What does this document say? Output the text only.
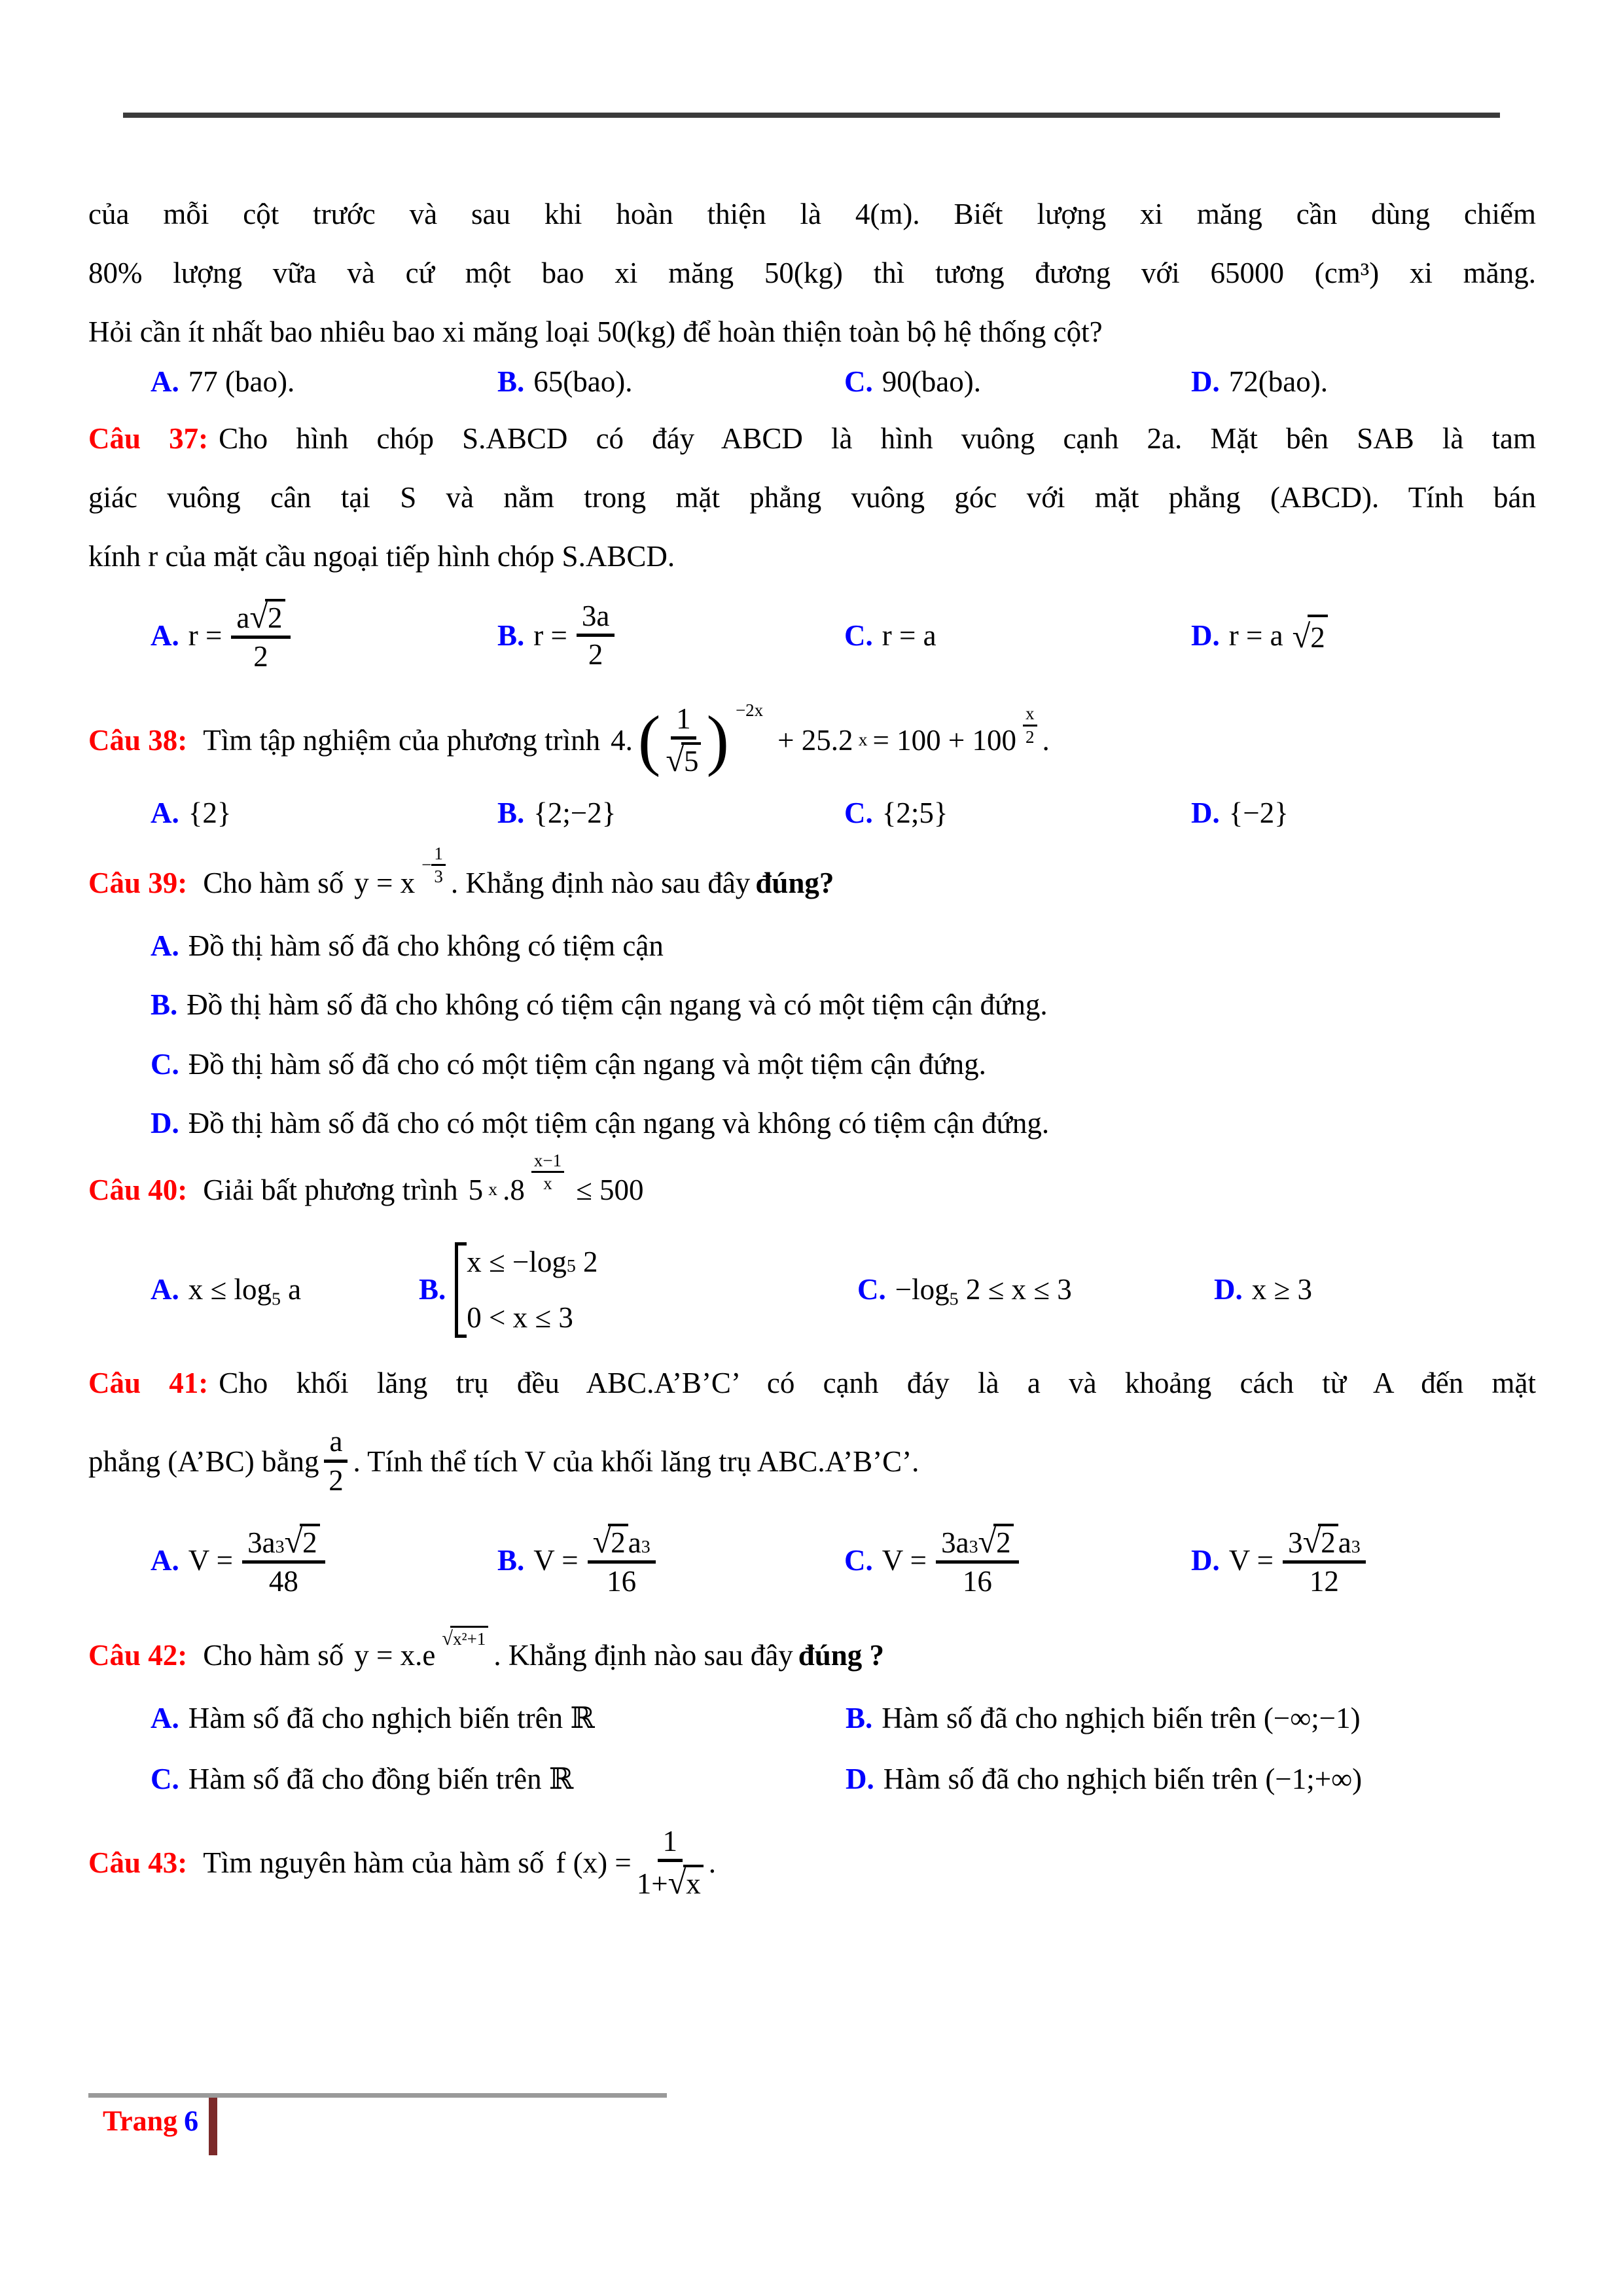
của mỗi cột trước và sau khi hoàn thiện là 4(m). Biết lượng xi măng cần dùng chiếm
80% lượng vữa và cứ một bao xi măng 50(kg) thì tương đương với 65000 (cm³) xi măng.
Hỏi cần ít nhất bao nhiêu bao xi măng loại 50(kg) để hoàn thiện toàn bộ hệ thống cột?
A. 77 (bao).	B. 65(bao).	C. 90(bao).	D. 72(bao).
Câu 37: Cho hình chóp S.ABCD có đáy ABCD là hình vuông cạnh 2a. Mặt bên SAB là tam
giác vuông cân tại S và nằm trong mặt phẳng vuông góc với mặt phẳng (ABCD). Tính bán
kính r của mặt cầu ngoại tiếp hình chóp S.ABCD.
A. $r = \frac{a √ 2}{2}$	B. $r = \frac{3a}{2}$	C. r = a	D. r = a √ 2
Câu 38: Tìm tập nghiệm của phương trình 4. 1
√ 5 −2x
+ 25.2 x = 100 + 100
x
2 .
A. {2}	B. {2;−2}	C. {2;5}	D. {−2}
Câu 39: Cho hàm số y = x
− $\frac{1}{3}$ . Khẳng định nào sau đây đúng?
A. Đồ thị hàm số đã cho không có tiệm cận
B. Đồ thị hàm số đã cho không có tiệm cận ngang và có một tiệm cận đứng.
C. Đồ thị hàm số đã cho có một tiệm cận ngang và một tiệm cận đứng.
D. Đồ thị hàm số đã cho có một tiệm cận ngang và không có tiệm cận đứng.
Câu 40: Giải bất phương trình 5 x .8
x−1
x ≤ 500
A. $x \le \log_5 a$	B.
x ≤ −log 5
2
0 < x ≤ 3
C. $-\log_5$ 2 ≤ x ≤ 3	D. x ≥ 3
Câu 41: Cho khối lăng trụ đều ABC.A’B’C’ có cạnh đáy là a và khoảng cách từ A đến mặt
phẳng (A’BC) bằng $\frac{a}{2}$ . Tính thể tích V của khối lăng trụ ABC.A’B’C’.
A. $V = \frac{3a 3 √ 2}{48}$	B. V = √ $\frac{2 a 3}{16}$	C. $V = \frac{3a 3 √ 2}{16}$	D. $V = \frac{3 √ 2 a 3}{12}$
Câu 42: Cho hàm số y = x.e √ x²+1 . Khẳng định nào sau đây đúng ?
A. Hàm số đã cho nghịch biến trên ℝ	B. Hàm số đã cho nghịch biến trên (−∞;−1)
C. Hàm số đã cho đồng biến trên ℝ	D. Hàm số đã cho nghịch biến trên (−1;+∞)
Câu 43: Tìm nguyên hàm của hàm số f $(x) = \frac{1}{1+ √ x}$ .
Trang 6
